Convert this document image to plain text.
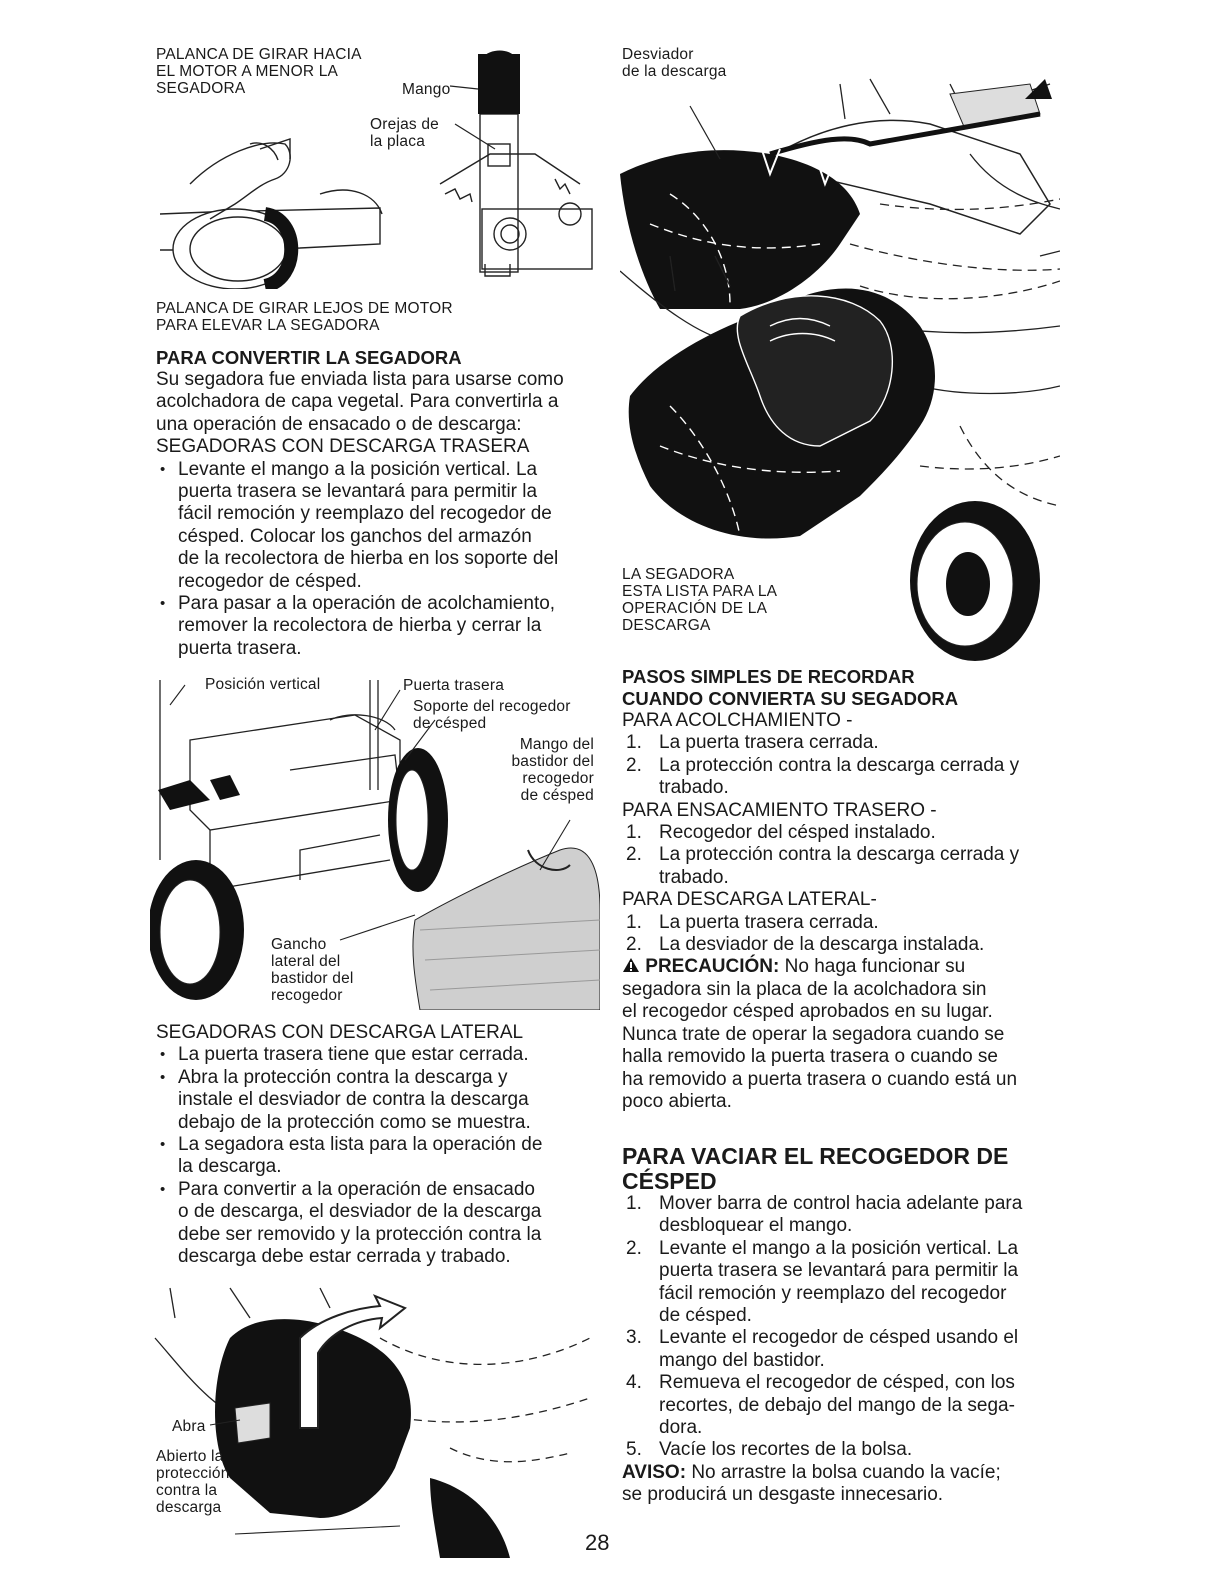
PALANCA DE GIRAR HACIA
EL MOTOR A MENOR LA
SEGADORA	Mango
Orejas de
la placa
PALANCA DE GIRAR LEJOS DE MOTOR
PARA ELEVAR LA SEGADORA
PARA CONVERTIR LA SEGADORA
Su segadora fue enviada lista para usarse como
acolchadora de capa vegetal. Para convertirla a
una operación de ensacado o de descarga:
SEGADORAS CON DESCARGA TRASERA
• Levante el mango a la posición vertical. La
puerta trasera se levantará para permitir la
fácil remoción y reemplazo del recogedor de
césped. Colocar los ganchos del armazón
de la recolectora de hierba en los soporte del
recogedor de césped.
• Para pasar a la operación de acolchamiento,
remover la recolectora de hierba y cerrar la
puerta trasera.
Posición vertical	Puerta trasera
Soporte del recogedor
de césped
Mango del
bastidor del
recogedor
de césped
Gancho
lateral del
bastidor del
recogedor
SEGADORAS CON DESCARGA LATERAL
• La puerta trasera tiene que estar cerrada.
• Abra la protección contra la descarga y
instale el desviador de contra la descarga
debajo de la protección como se muestra.
• La segadora esta lista para la operación de
la descarga.
• Para convertir a la operación de ensacado
o de descarga, el desviador de la descarga
debe ser removido y la protección contra la
descarga debe estar cerrada y trabado.
Abra
Abierto la
protección
contra la
descarga
28
Desviador
de la descarga
LA SEGADORA
ESTA LISTA PARA LA
OPERACIÓN DE LA
DESCARGA
PASOS SIMPLES DE RECORDAR
CUANDO CONVIERTA SU SEGADORA
PARA ACOLCHAMIENTO -
1. La puerta trasera cerrada.
2. La protección contra la descarga cerrada y
trabado.
PARA ENSACAMIENTO TRASERO -
1. Recogedor del césped instalado.
2. La protección contra la descarga cerrada y
trabado.
PARA DESCARGA LATERAL-
1. La puerta trasera cerrada.
2. La desviador de la descarga instalada.
PRECAUCIÓN: No haga funcionar su
segadora sin la placa de la acolchadora sin
el recogedor césped aprobados en su lugar.
Nunca trate de operar la segadora cuando se
halla removido la puerta trasera o cuando se
ha removido a puerta trasera o cuando está un
poco abierta.
PARA VACIAR EL RECOGEDOR DE
CÉSPED
1. Mover barra de control hacia adelante para
desbloquear el mango.
2. Levante el mango a la posición vertical. La
puerta trasera se levantará para permitir la
fácil remoción y reemplazo del recogedor
de césped.
3. Levante el recogedor de césped usando el
mango del bastidor.
4. Remueva el recogedor de césped, con los
recortes, de debajo del mango de la sega-
dora.
5. Vacíe los recortes de la bolsa.
AVISO: No arrastre la bolsa cuando la vacíe;
se producirá un desgaste innecesario.
